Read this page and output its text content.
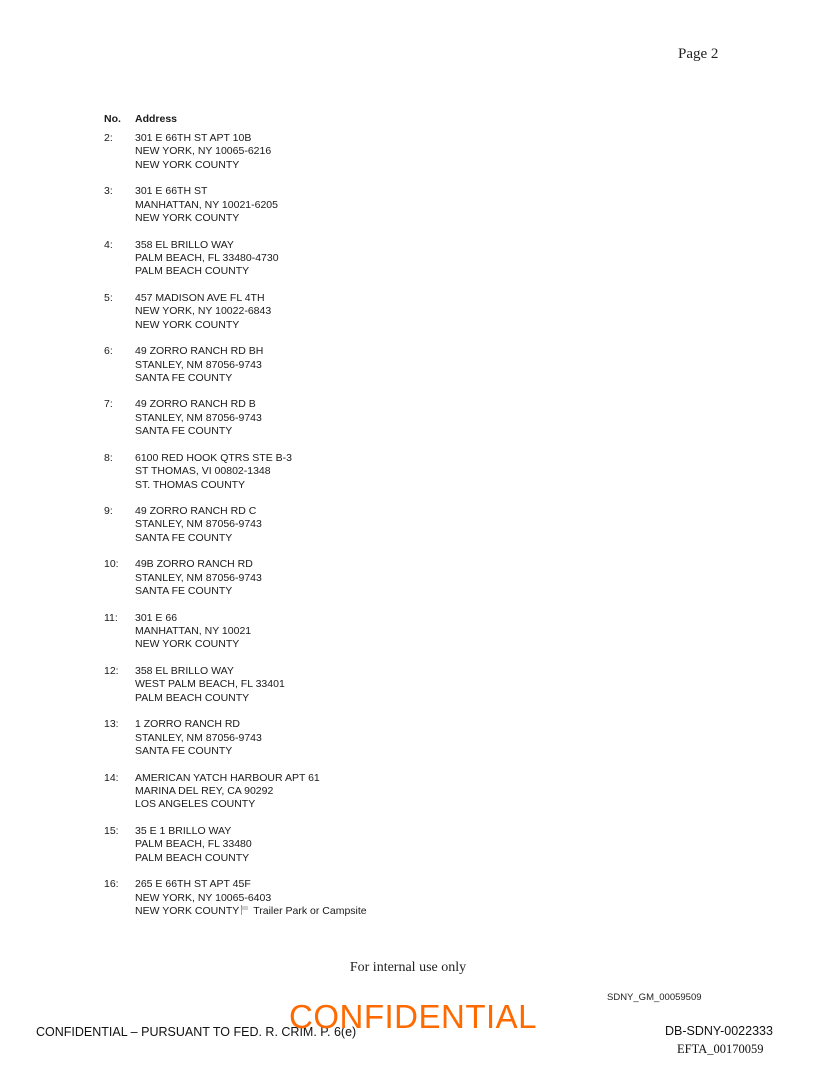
Page 2
No.	Address
2:	301 E 66TH ST APT 10B
NEW YORK, NY 10065-6216
NEW YORK COUNTY
3:	301 E 66TH ST
MANHATTAN, NY 10021-6205
NEW YORK COUNTY
4:	358 EL BRILLO WAY
PALM BEACH, FL 33480-4730
PALM BEACH COUNTY
5:	457 MADISON AVE FL 4TH
NEW YORK, NY 10022-6843
NEW YORK COUNTY
6:	49 ZORRO RANCH RD BH
STANLEY, NM 87056-9743
SANTA FE COUNTY
7:	49 ZORRO RANCH RD B
STANLEY, NM 87056-9743
SANTA FE COUNTY
8:	6100 RED HOOK QTRS STE B-3
ST THOMAS, VI 00802-1348
ST. THOMAS COUNTY
9:	49 ZORRO RANCH RD C
STANLEY, NM 87056-9743
SANTA FE COUNTY
10:	49B ZORRO RANCH RD
STANLEY, NM 87056-9743
SANTA FE COUNTY
11:	301 E 66
MANHATTAN, NY 10021
NEW YORK COUNTY
12:	358 EL BRILLO WAY
WEST PALM BEACH, FL 33401
PALM BEACH COUNTY
13:	1 ZORRO RANCH RD
STANLEY, NM 87056-9743
SANTA FE COUNTY
14:	AMERICAN YATCH HARBOUR APT 61
MARINA DEL REY, CA 90292
LOS ANGELES COUNTY
15:	35 E 1 BRILLO WAY
PALM BEACH, FL 33480
PALM BEACH COUNTY
16:	265 E 66TH ST APT 45F
NEW YORK, NY 10065-6403
NEW YORK COUNTY Trailer Park or Campsite
For internal use only
SDNY_GM_00059509
CONFIDENTIAL – PURSUANT TO FED. R. CRIM. P. 6(e)
CONFIDENTIAL	DB-SDNY-0022333
EFTA_00170059
